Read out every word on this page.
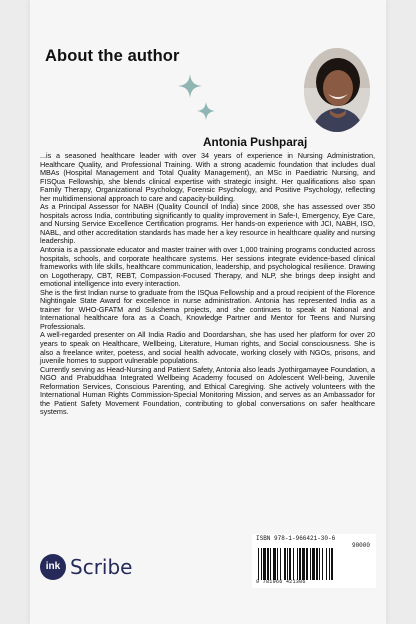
About the author
Antonia Pushparaj

...is a seasoned healthcare leader with over 34 years of experience in Nursing Administration, Healthcare Quality, and Professional Training. With a strong academic foundation that includes dual MBAs (Hospital Management and Total Quality Management), an MSc in Paediatric Nursing, and FISQua Fellowship, she blends clinical expertise with strategic insight. Her qualifications also span Family Therapy, Organizational Psychology, Forensic Psychology, and Positive Psychology, reflecting her multidimensional approach to care and capacity-building.

As a Principal Assessor for NABH (Quality Council of India) since 2008, she has assessed over 350 hospitals across India, contributing significantly to quality improvement in Safe-I, Emergency, Eye Care, and Nursing Service Excellence Certification programs. Her hands-on experience with JCI, NABH, ISO, NABL, and other accreditation standards has made her a key resource in healthcare quality and nursing leadership.

Antonia is a passionate educator and master trainer with over 1,000 training programs conducted across hospitals, schools, and corporate healthcare systems. Her sessions integrate evidence-based clinical frameworks with life skills, healthcare communication, leadership, and psychological resilience. Drawing on Logotherapy, CBT, REBT, Compassion-Focused Therapy, and NLP, she brings deep insight and emotional intelligence into every interaction.

She is the first Indian nurse to graduate from the ISQua Fellowship and a proud recipient of the Florence Nightingale State Award for excellence in nurse administration. Antonia has represented India as a trainer for WHO-GFATM and Sukshema projects, and she continues to speak at National and International healthcare fora as a Coach, Knowledge Partner and Mentor for Teens and Nursing Professionals.

A well-regarded presenter on All India Radio and Doordarshan, she has used her platform for over 20 years to speak on Healthcare, Wellbeing, Literature, Human rights, and Social consciousness. She is also a freelance writer, poetess, and social health advocate, working closely with NGOs, prisons, and juvenile homes to support vulnerable populations.

Currently serving as Head-Nursing and Patient Safety, Antonia also leads Jyothirgamayee Foundation, a NGO and Prabuddhaa Integrated Wellbeing Academy focused on Adolescent Well-being, Juvenile Reformation Services, Conscious Parenting, and Ethical Caregiving. She actively volunteers with the International Human Rights Commission-Special Monitoring Mission, and serves as an Ambassador for the Patient Safety Movement Foundation, contributing to global conversations on safer healthcare systems.

ISBN 978-1-966421-30-6
90000
9 781966 421306
ink Scribe
